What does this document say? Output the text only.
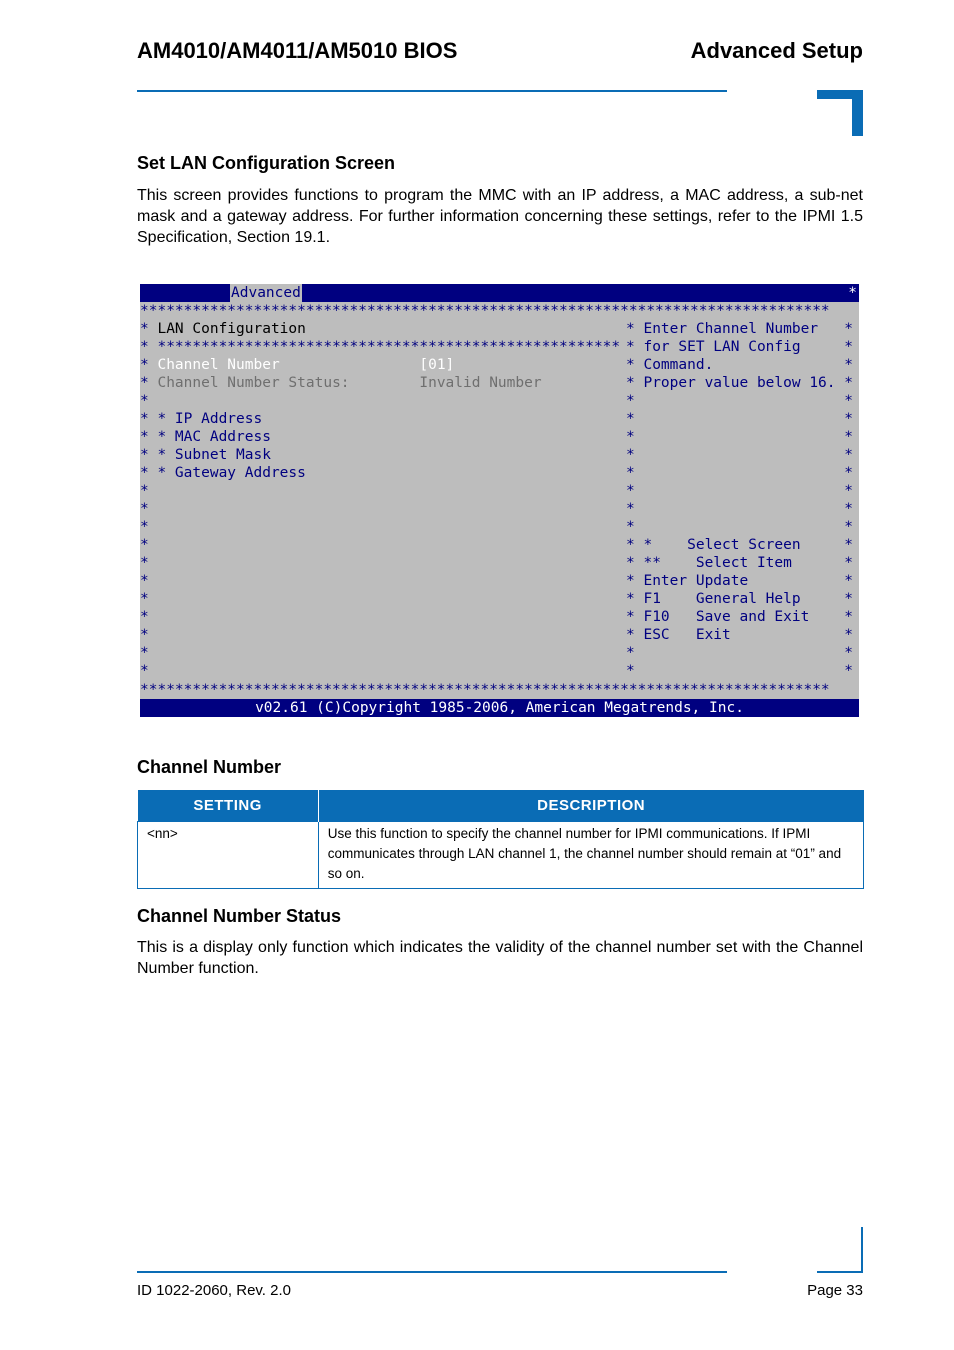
AM4010/AM4011/AM5010 BIOS	Advanced Setup
Set LAN Configuration Screen
This screen provides functions to program the MMC with an IP address, a MAC address, a sub-net mask and a gateway address. For further information concerning these settings, refer to the IPMI 1.5 Specification, Section 19.1.
Advanced	*
*******************************************************************************
* LAN Configuration	* Enter Channel Number   *
* ***************************************************** * for SET LAN Config     *
* Channel Number                [01]	* Command.               *
* Channel Number Status:        Invalid Number	* Proper value below 16. *
*	*                        *
* * IP Address	*                        *
* * MAC Address	*                        *
* * Subnet Mask	*                        *
* * Gateway Address	*                        *
*	*                        *
*	*                        *
*	*                        *
*	* *    Select Screen     *
*	* **    Select Item      *
*	* Enter Update           *
*	* F1    General Help     *
*	* F10   Save and Exit    *
*	* ESC   Exit             *
*	*                        *
*	*                        *
*******************************************************************************
v02.61 (C)Copyright 1985-2006, American Megatrends, Inc.
Channel Number
SETTING	DESCRIPTION
<nn>	Use this function to specify the channel number for IPMI communications. If IPMI communicates through LAN channel 1, the channel number should remain at “01” and so on.
Channel Number Status
This is a display only function which indicates the validity of the channel number set with the Channel Number function.
ID 1022-2060, Rev. 2.0	Page 33
